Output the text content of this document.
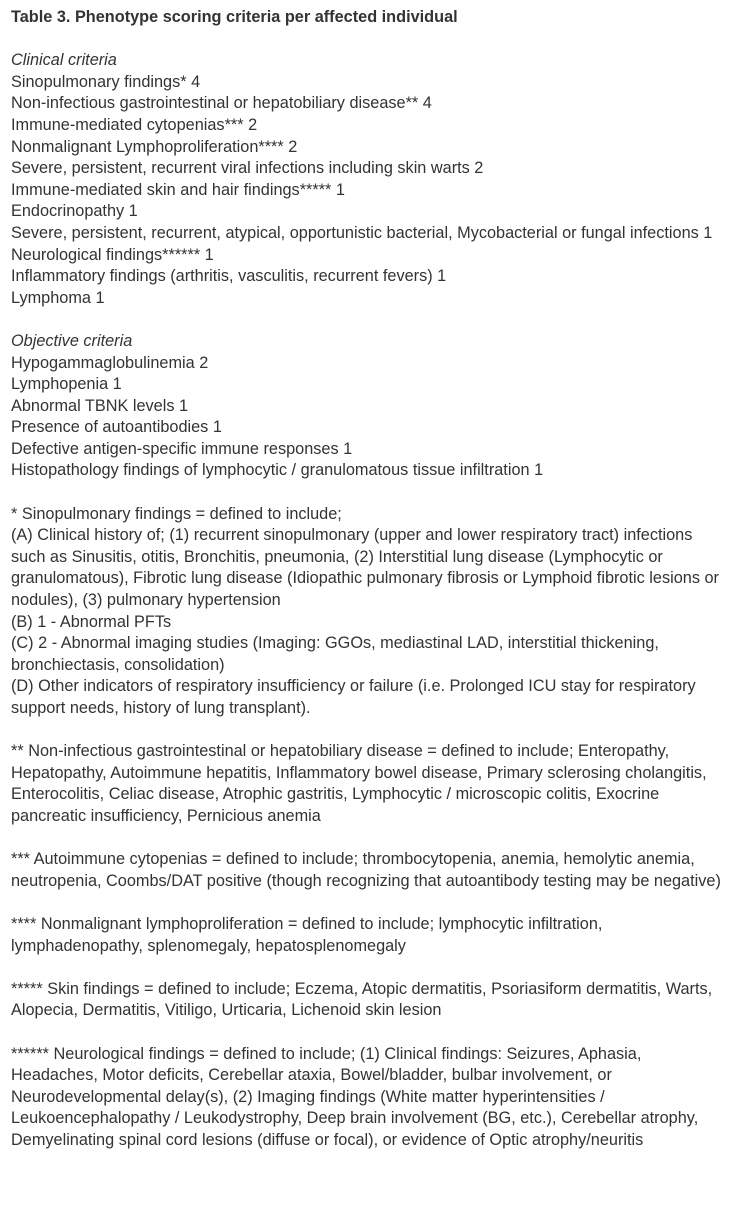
Table 3. Phenotype scoring criteria per affected individual
Clinical criteria
Sinopulmonary findings* 4
Non-infectious gastrointestinal or hepatobiliary disease** 4
Immune-mediated cytopenias*** 2
Nonmalignant Lymphoproliferation**** 2
Severe, persistent, recurrent viral infections including skin warts 2
Immune-mediated skin and hair findings***** 1
Endocrinopathy 1
Severe, persistent, recurrent, atypical, opportunistic bacterial, Mycobacterial or fungal infections 1
Neurological findings****** 1
Inflammatory findings (arthritis, vasculitis, recurrent fevers) 1
Lymphoma 1
Objective criteria
Hypogammaglobulinemia 2
Lymphopenia 1
Abnormal TBNK levels 1
Presence of autoantibodies 1
Defective antigen-specific immune responses 1
Histopathology findings of lymphocytic / granulomatous tissue infiltration 1
* Sinopulmonary findings = defined to include;
(A) Clinical history of; (1) recurrent sinopulmonary (upper and lower respiratory tract) infections such as Sinusitis, otitis, Bronchitis, pneumonia, (2) Interstitial lung disease (Lymphocytic or granulomatous), Fibrotic lung disease (Idiopathic pulmonary fibrosis or Lymphoid fibrotic lesions or nodules), (3) pulmonary hypertension
(B) 1 - Abnormal PFTs
(C) 2 - Abnormal imaging studies (Imaging: GGOs, mediastinal LAD, interstitial thickening, bronchiectasis, consolidation)
(D) Other indicators of respiratory insufficiency or failure (i.e. Prolonged ICU stay for respiratory support needs, history of lung transplant).
** Non-infectious gastrointestinal or hepatobiliary disease = defined to include; Enteropathy, Hepatopathy, Autoimmune hepatitis, Inflammatory bowel disease, Primary sclerosing cholangitis, Enterocolitis, Celiac disease, Atrophic gastritis, Lymphocytic / microscopic colitis, Exocrine pancreatic insufficiency, Pernicious anemia
*** Autoimmune cytopenias = defined to include; thrombocytopenia, anemia, hemolytic anemia, neutropenia, Coombs/DAT positive (though recognizing that autoantibody testing may be negative)
**** Nonmalignant lymphoproliferation = defined to include; lymphocytic infiltration, lymphadenopathy, splenomegaly, hepatosplenomegaly
***** Skin findings = defined to include; Eczema, Atopic dermatitis, Psoriasiform dermatitis, Warts, Alopecia, Dermatitis, Vitiligo, Urticaria, Lichenoid skin lesion
****** Neurological findings = defined to include; (1) Clinical findings: Seizures, Aphasia, Headaches, Motor deficits, Cerebellar ataxia, Bowel/bladder, bulbar involvement, or Neurodevelopmental delay(s), (2) Imaging findings (White matter hyperintensities / Leukoencephalopathy / Leukodystrophy, Deep brain involvement (BG, etc.), Cerebellar atrophy, Demyelinating spinal cord lesions (diffuse or focal), or evidence of Optic atrophy/neuritis
